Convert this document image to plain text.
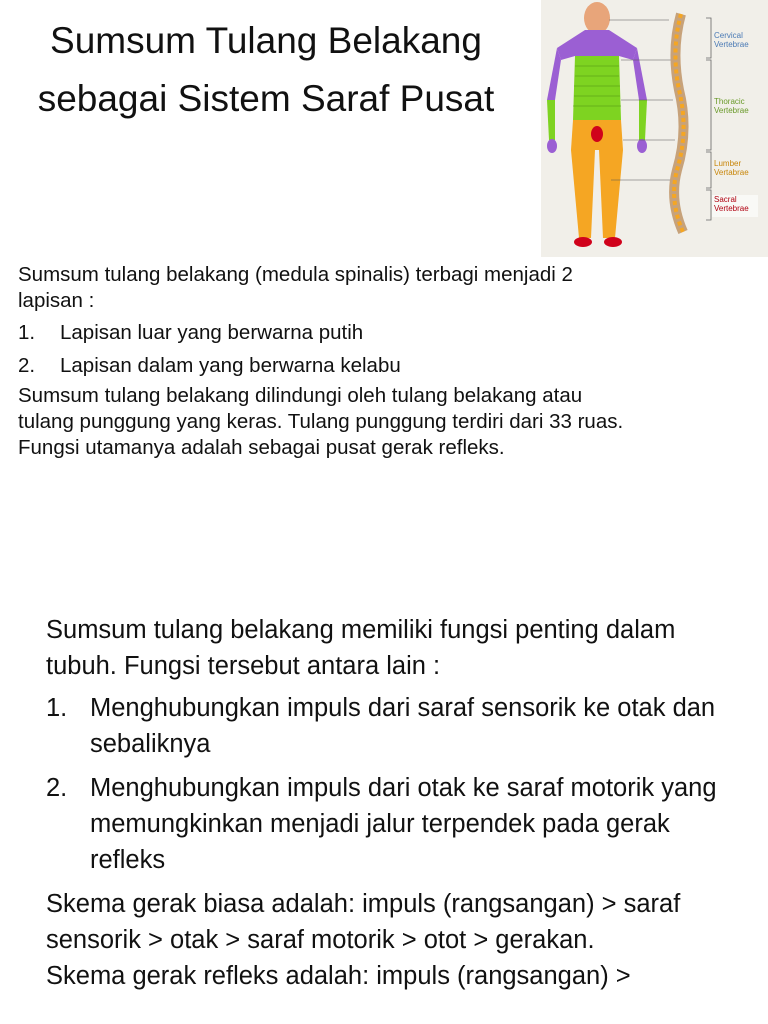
Sumsum Tulang Belakang
sebagai Sistem Saraf Pusat
Cervical Vertebrae
Thoracic Vertebrae
Lumber Vertabrae
Sacral Vertebrae

Sumsum tulang belakang (medula spinalis) terbagi menjadi 2 lapisan :

1.	Lapisan luar yang berwarna putih
2.	Lapisan dalam yang berwarna kelabu

Sumsum tulang belakang dilindungi oleh tulang belakang atau tulang punggung yang keras. Tulang punggung terdiri dari 33 ruas. Fungsi utamanya adalah sebagai pusat gerak refleks.

Sumsum tulang belakang memiliki fungsi penting dalam tubuh. Fungsi tersebut antara lain :

1. Menghubungkan impuls dari saraf sensorik ke otak dan sebaliknya
2. Menghubungkan impuls dari otak ke saraf motorik yang memungkinkan menjadi jalur terpendek pada gerak refleks

Skema gerak biasa adalah: impuls (rangsangan) > saraf sensorik > otak > saraf motorik > otot > gerakan.

Skema gerak refleks adalah: impuls (rangsangan) >
